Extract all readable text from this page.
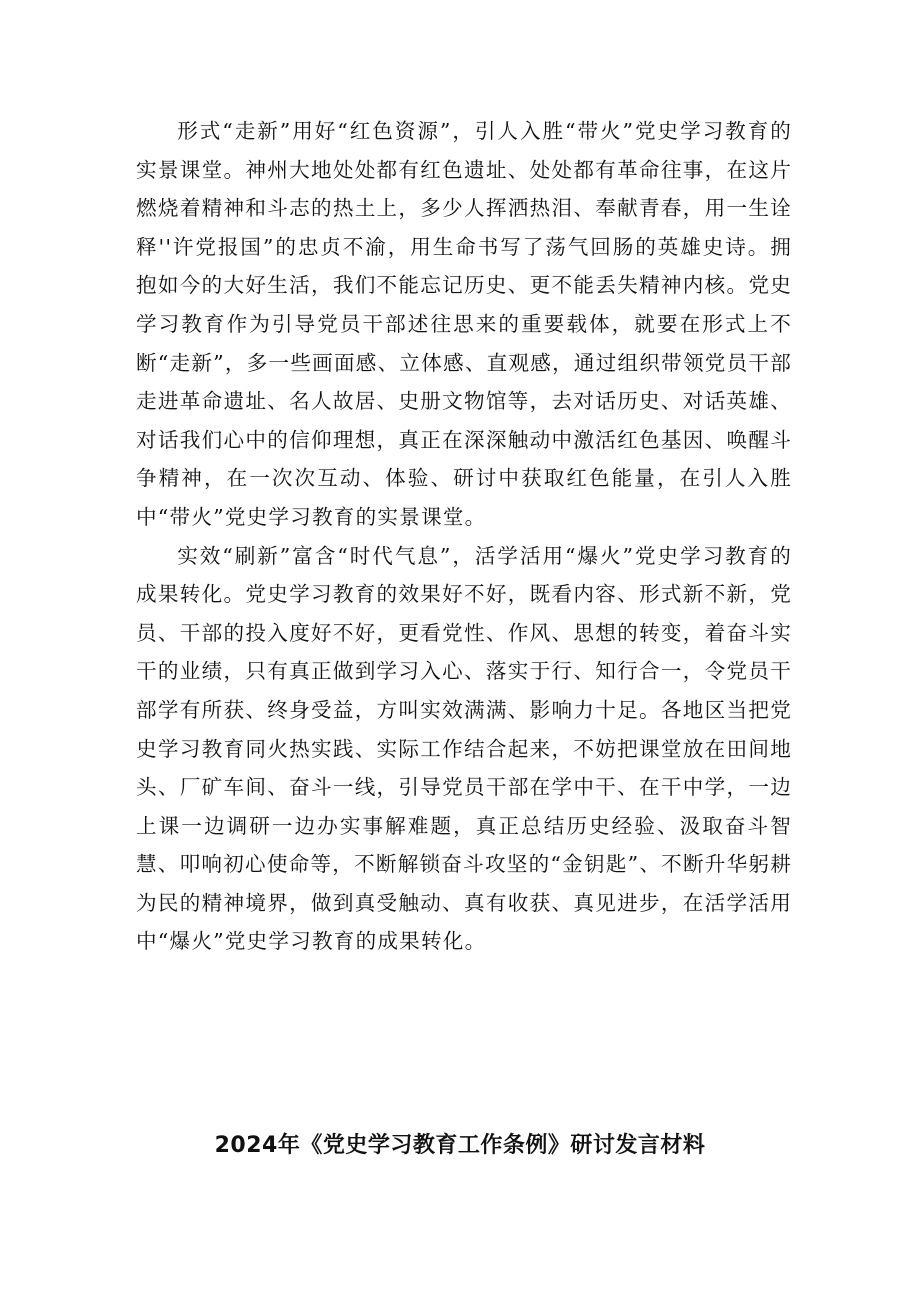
形式“走新”用好“红色资源”，引人入胜“带火”党史学习教育的实景课堂。神州大地处处都有红色遗址、处处都有革命往事，在这片燃烧着精神和斗志的热土上，多少人挥洒热泪、奉献青春，用一生诠释''许党报国”的忠贞不渝，用生命书写了荡气回肠的英雄史诗。拥抱如今的大好生活，我们不能忘记历史、更不能丢失精神内核。党史学习教育作为引导党员干部述往思来的重要载体，就要在形式上不断“走新”，多一些画面感、立体感、直观感，通过组织带领党员干部走进革命遗址、名人故居、史册文物馆等，去对话历史、对话英雄、对话我们心中的信仰理想，真正在深深触动中激活红色基因、唤醒斗争精神，在一次次互动、体验、研讨中获取红色能量，在引人入胜中“带火”党史学习教育的实景课堂。

实效“刷新”富含“时代气息”，活学活用“爆火”党史学习教育的成果转化。党史学习教育的效果好不好，既看内容、形式新不新，党员、干部的投入度好不好，更看党性、作风、思想的转变，着奋斗实干的业绩，只有真正做到学习入心、落实于行、知行合一，令党员干部学有所获、终身受益，方叫实效满满、影响力十足。各地区当把党史学习教育同火热实践、实际工作结合起来，不妨把课堂放在田间地头、厂矿车间、奋斗一线，引导党员干部在学中干、在干中学，一边上课一边调研一边办实事解难题，真正总结历史经验、汲取奋斗智慧、叩响初心使命等，不断解锁奋斗攻坚的“金钥匙”、不断升华躬耕为民的精神境界，做到真受触动、真有收获、真见进步，在活学活用中“爆火”党史学习教育的成果转化。

2024年《党史学习教育工作条例》研讨发言材料
